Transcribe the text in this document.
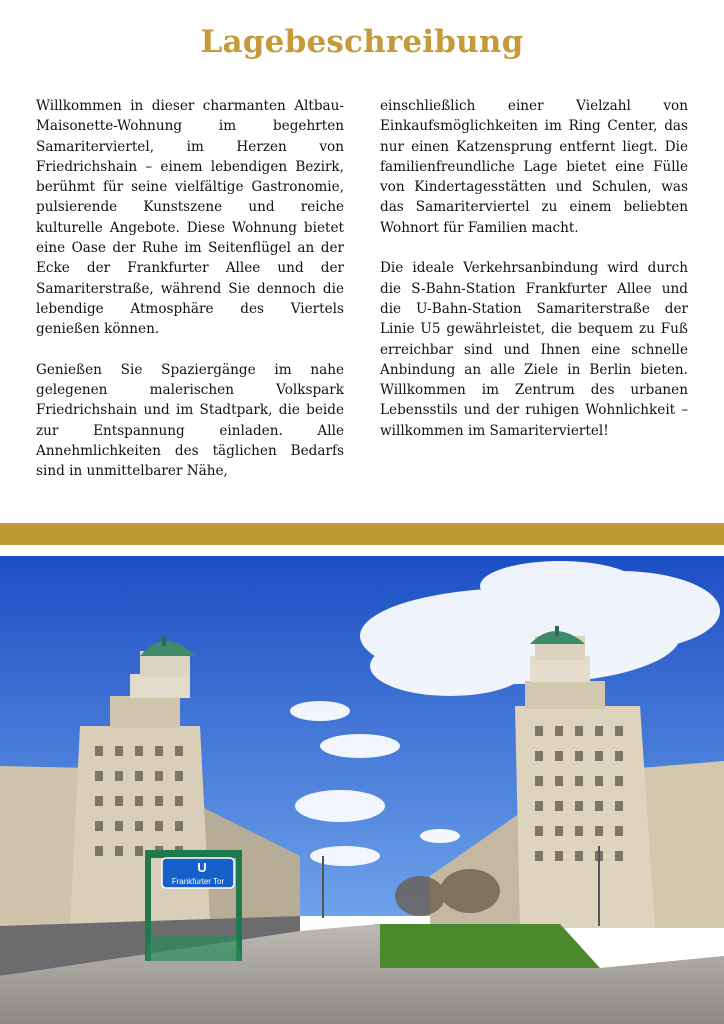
Lagebeschreibung

Willkommen in dieser charmanten Altbau-Maisonette-Wohnung im begehrten Samariterviertel, im Herzen von Friedrichshain – einem lebendigen Bezirk, berühmt für seine vielfältige Gastronomie, pulsierende Kunstszene und reiche kulturelle Angebote. Diese Wohnung bietet eine Oase der Ruhe im Seitenflügel an der Ecke der Frankfurter Allee und der Samariterstraße, während Sie dennoch die lebendige Atmosphäre des Viertels genießen können.

Genießen Sie Spaziergänge im nahe gelegenen malerischen Volkspark Friedrichshain und im Stadtpark, die beide zur Entspannung einladen. Alle Annehmlichkeiten des täglichen Bedarfs sind in unmittelbarer Nähe,

einschließlich einer Vielzahl von Einkaufsmöglichkeiten im Ring Center, das nur einen Katzensprung entfernt liegt. Die familienfreundliche Lage bietet eine Fülle von Kindertagesstätten und Schulen, was das Samariterviertel zu einem beliebten Wohnort für Familien macht.

Die ideale Verkehrsanbindung wird durch die S-Bahn-Station Frankfurter Allee und die U-Bahn-Station Samariterstraße der Linie U5 gewährleistet, die bequem zu Fuß erreichbar sind und Ihnen eine schnelle Anbindung an alle Ziele in Berlin bieten. Willkommen im Zentrum des urbanen Lebensstils und der ruhigen Wohnlichkeit – willkommen im Samariterviertel!

U
Frankfurter Tor
